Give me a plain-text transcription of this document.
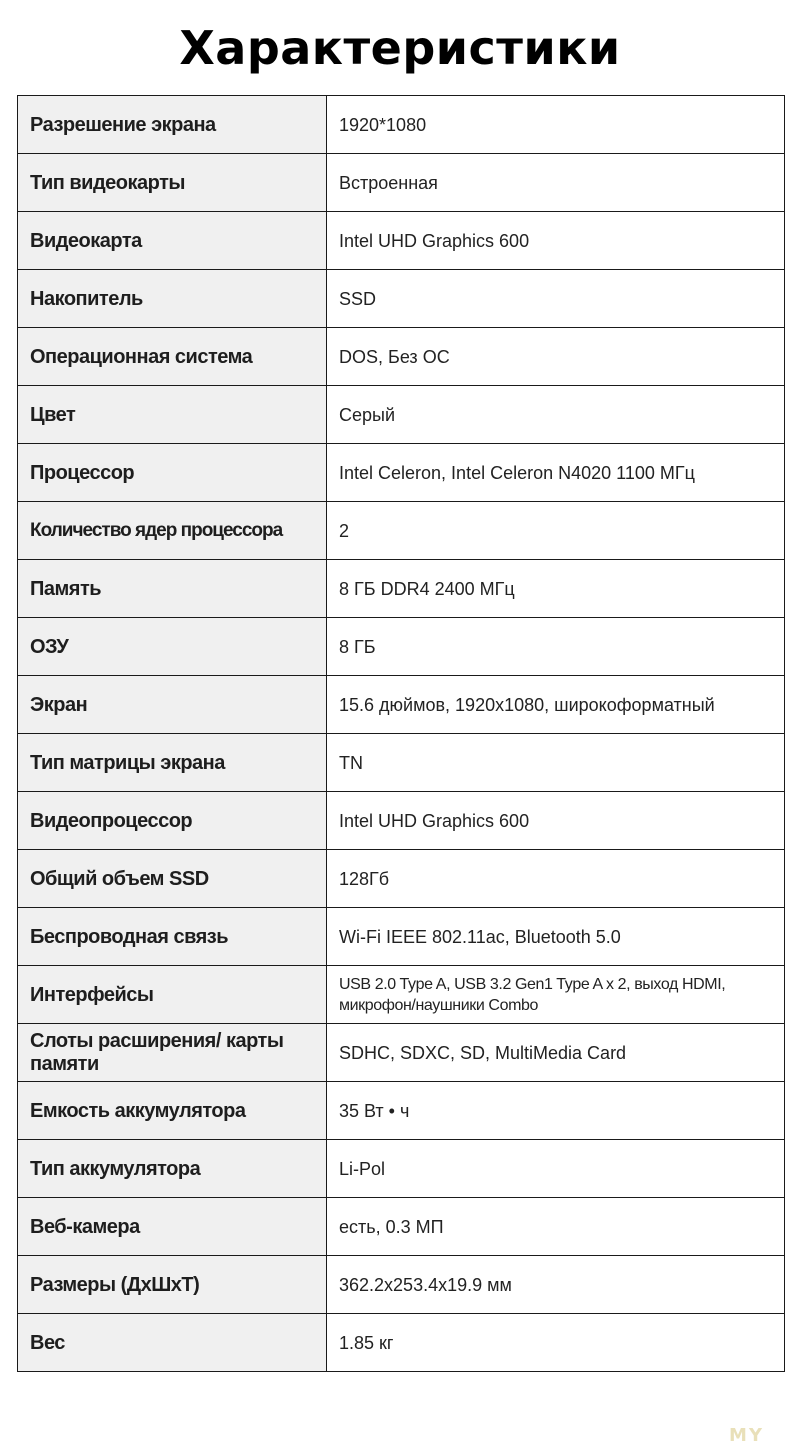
Характеристики
Разрешение экрана	1920*1080
Тип видеокарты	Встроенная
Видеокарта	Intel UHD Graphics 600
Накопитель	SSD
Операционная система	DOS, Без ОС
Цвет	Серый
Процессор	Intel Celeron, Intel Celeron N4020 1100 МГц
Количество ядер процессора	2
Память	8 ГБ DDR4 2400 МГц
ОЗУ	8 ГБ
Экран	15.6 дюймов, 1920x1080, широкоформатный
Тип матрицы экрана	TN
Видеопроцессор	Intel UHD Graphics 600
Общий объем SSD	128Гб
Беспроводная связь	Wi-Fi IEEE 802.11ac, Bluetooth 5.0
Интерфейсы	USB 2.0 Type A, USB 3.2 Gen1 Type A x 2, выход HDMI, микрофон/наушники Combo
Слоты расширения/ карты памяти	SDHC, SDXC, SD, MultiMedia Card
Емкость аккумулятора	35 Вт • ч
Тип аккумулятора	Li-Pol
Веб-камера	есть, 0.3 МП
Размеры (ДхШхТ)	362.2x253.4x19.9 мм
Вес	1.85 кг
MY
